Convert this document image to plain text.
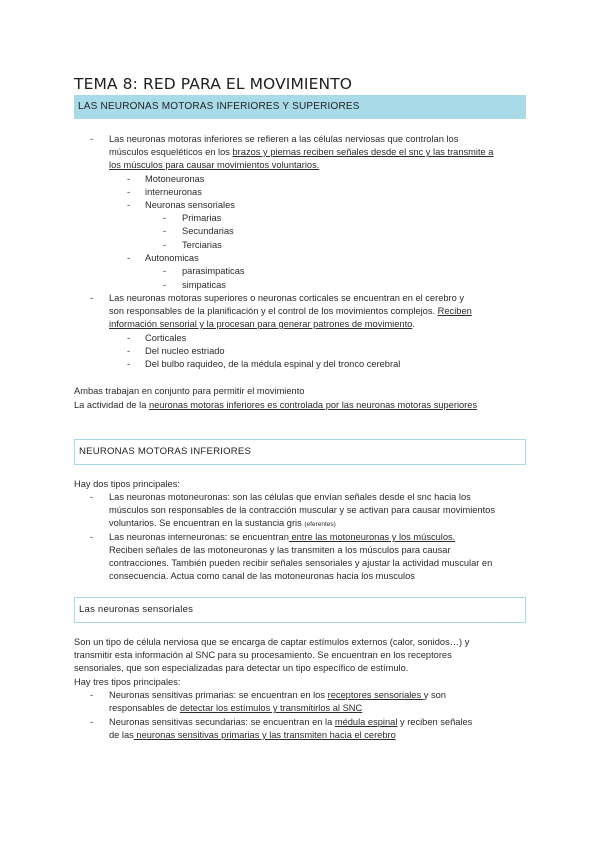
TEMA 8: RED PARA EL MOVIMIENTO
LAS NEURONAS MOTORAS INFERIORES Y SUPERIORES
- Las neuronas motoras inferiores se refieren a las células nerviosas que controlan los
músculos esqueléticos en los brazos y piernas reciben señales desde el snc y las transmite a
los músculos para causar movimientos voluntarios.
- Motoneuronas
- interneuronas
- Neuronas sensoriales
- Primarias
- Secundarias
- Terciarias
- Autonomicas
- parasimpaticas
- simpaticas
- Las neuronas motoras superiores o neuronas corticales se encuentran en el cerebro y
son responsables de la planificación y el control de los movimientos complejos. Reciben
información sensorial y la procesan para generar patrones de movimiento.
- Corticales
- Del nucleo estriado
- Del bulbo raquideo, de la médula espinal y del tronco cerebral
Ambas trabajan en conjunto para permitir el movimiento
La actividad de la neuronas motoras inferiores es controlada por las neuronas motoras superiores
NEURONAS MOTORAS INFERIORES
Hay dos tipos principales:
- Las neuronas motoneuronas: son las células que envían señales desde el snc hacia los
músculos son responsables de la contracción muscular y se activan para causar movimientos
voluntarios. Se encuentran en la sustancia gris (eferentes)
- Las neuronas interneuronas: se encuentran entre las motoneuronas y los músculos.
Reciben señales de las motoneuronas y las transmiten a los músculos para causar
contracciones. También pueden recibir señales sensoriales y ajustar la actividad muscular en
consecuencia. Actua como canal de las motoneuronas hacia los musculos
Las neuronas sensoriales
Son un tipo de célula nerviosa que se encarga de captar estímulos externos (calor, sonidos…) y
transmitir esta información al SNC para su procesamiento. Se encuentran en los receptores
sensoriales, que son especializadas para detectar un tipo específico de estímulo.
Hay tres tipos principales:
- Neuronas sensitivas primarias: se encuentran en los receptores sensoriales y son
responsables de detectar los estímulos y transmitirlos al SNC
- Neuronas sensitivas secundarias: se encuentran en la médula espinal y reciben señales
de las neuronas sensitivas primarias y las transmiten hacia el cerebro
